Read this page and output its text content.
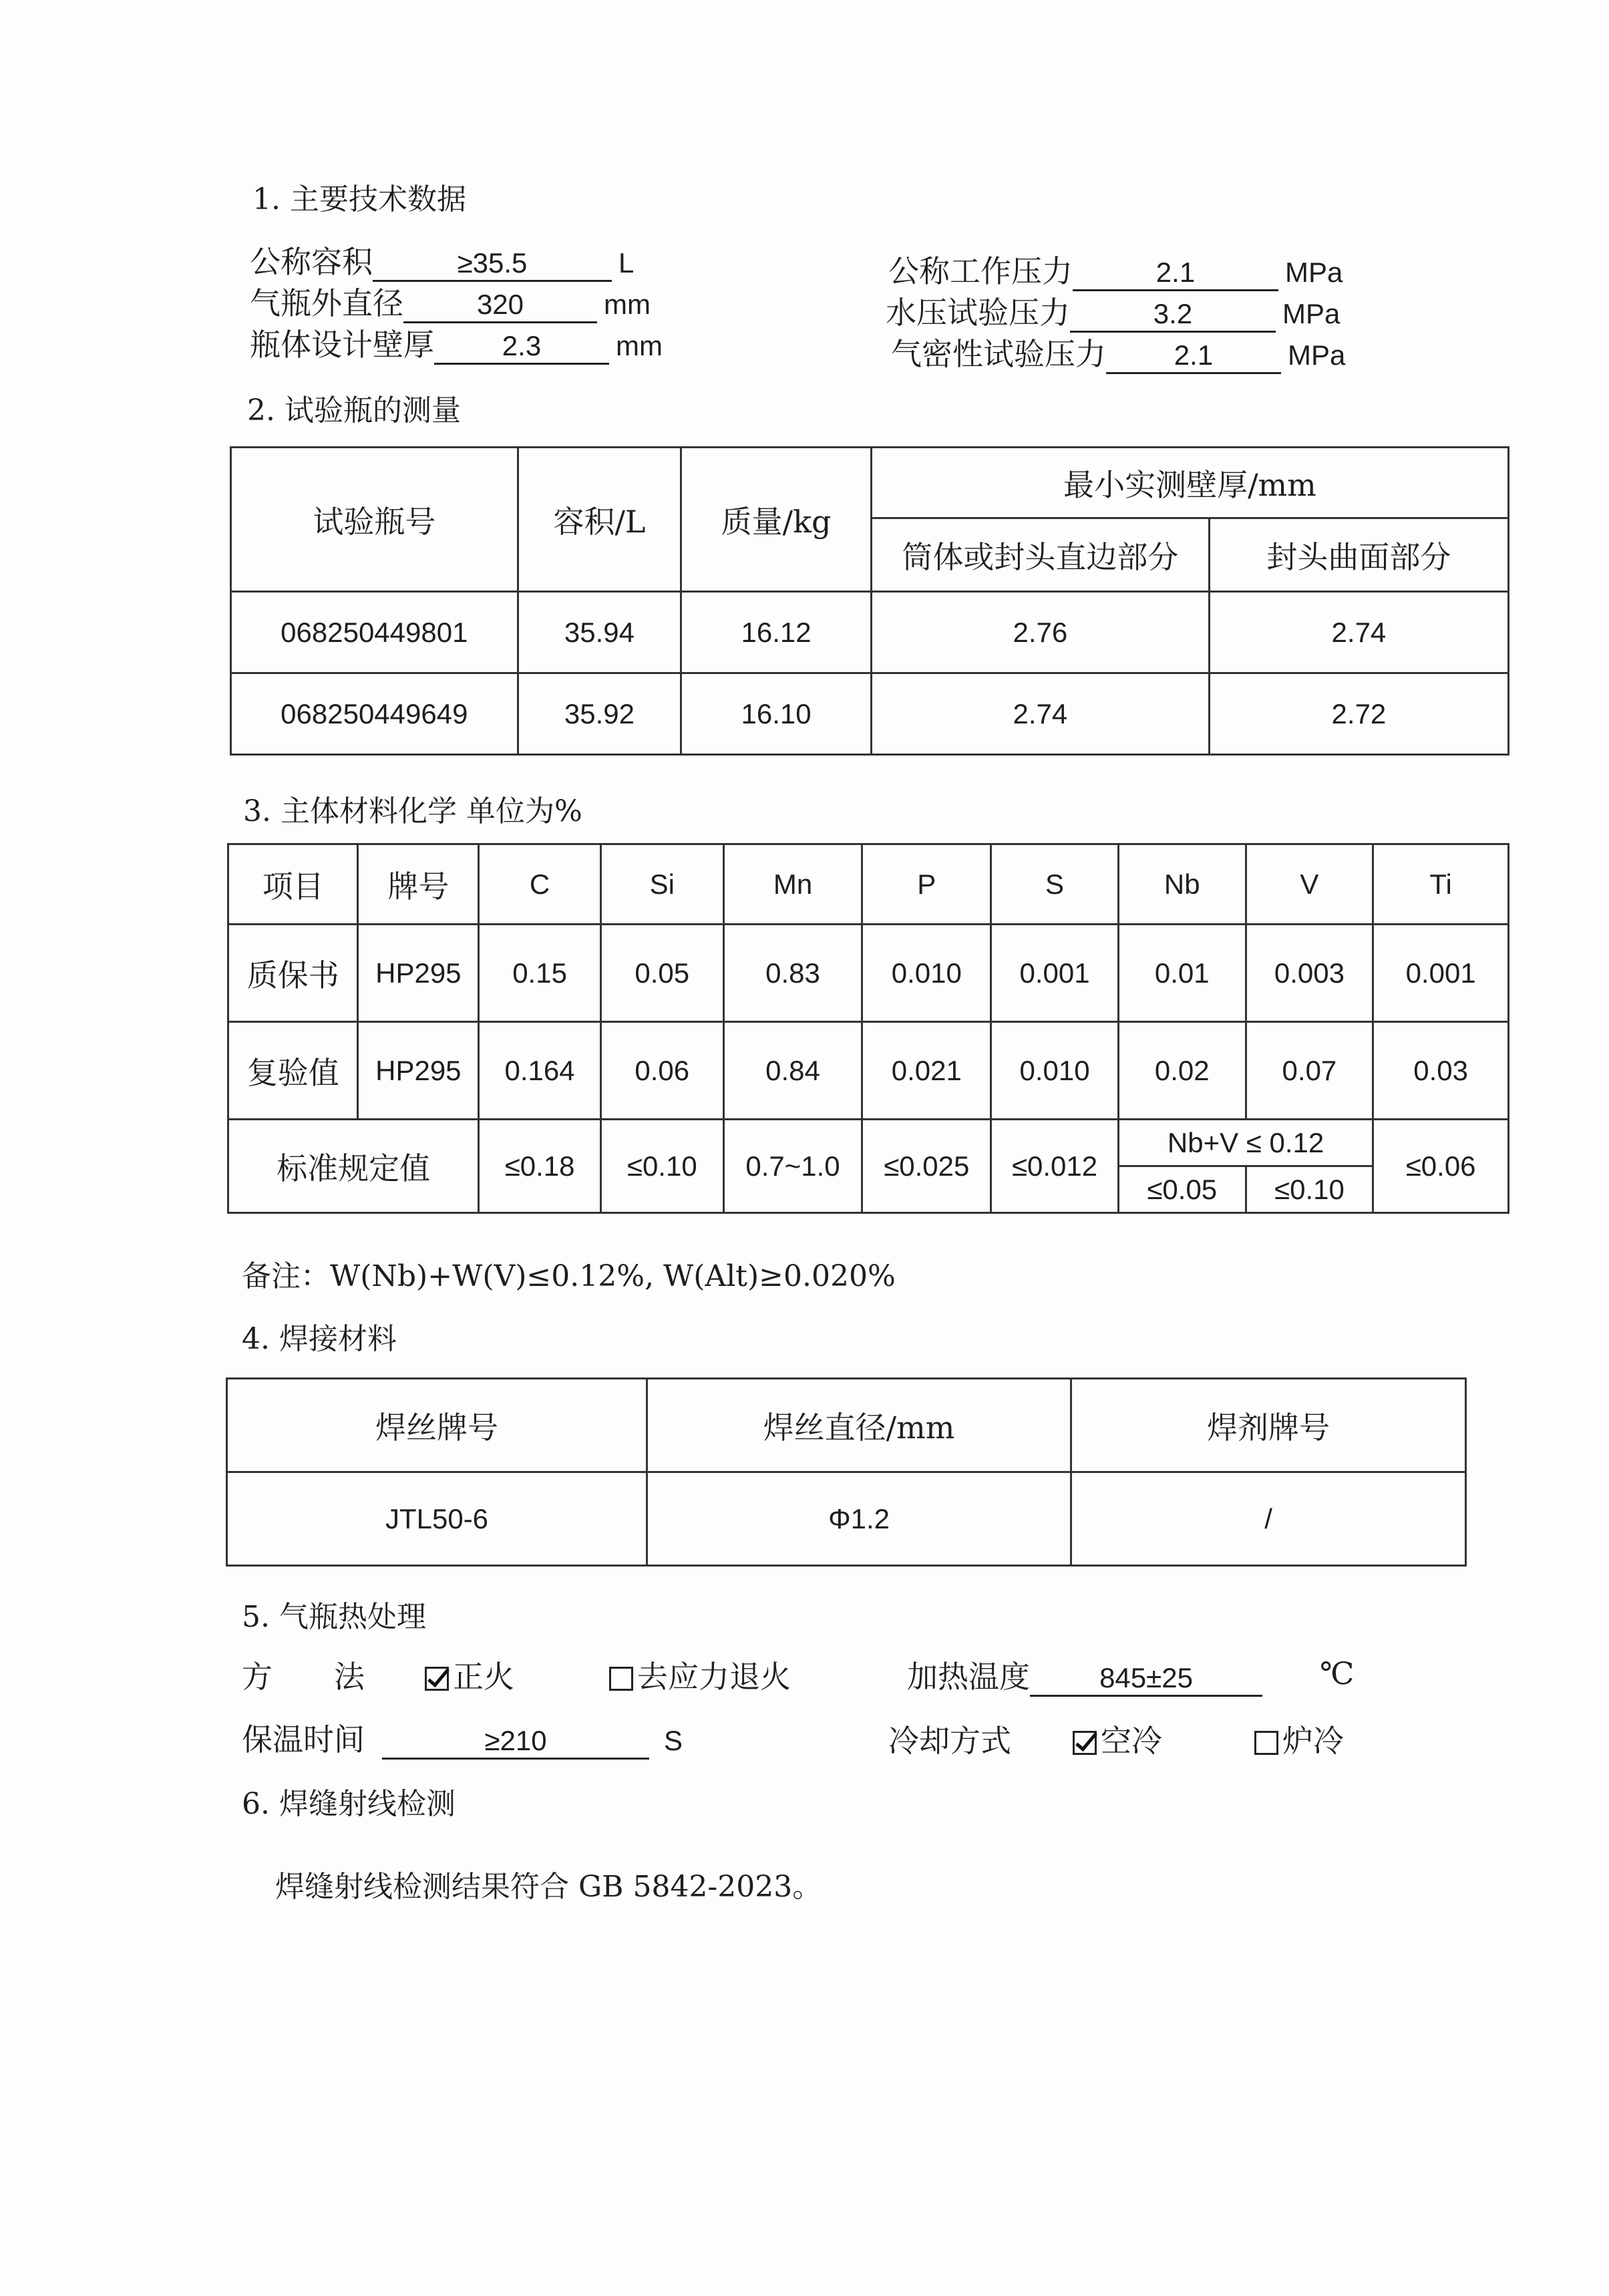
1. 主要技术数据
公称容积	≥35.5	L
气瓶外直径	320	mm
瓶体设计壁厚 2.3	mm
公称工作压力	2.1	MPa
水压试验压力	3.2	MPa
气密性试验压力 2.1	MPa
2. 试验瓶的测量
试验瓶号	容积/L	质量/kg	最小实测壁厚/mm	
			筒体或封头直边部分	封头曲面部分
068250449801	35.94	16.12	2.76	2.74
068250449649	35.92	16.10	2.74	2.72
3. 主体材料化学 单位为%
项目	牌号	C	Si	Mn	P	S	Nb	V	Ti
质保书	HP295	0.15	0.05	0.83	0.010	0.001	0.01	0.003	0.001
复验值	HP295	0.164	0.06	0.84	0.021	0.010	0.02	0.07	0.03
标准规定值		≤0.18	≤0.10	0.7~1.0	≤0.025	≤0.012	Nb+V ≤ 0.12		≤0.06
							≤0.05	≤0.10	
备注：W(Nb)+W(V)≤0.12%, W(Alt)≥0.020%
4. 焊接材料
焊丝牌号	焊丝直径/mm	焊剂牌号
JTL50-6	Φ1.2	/
5. 气瓶热处理
方　　法	正火	去应力退火	加热温度 845±25	℃
保温时间	≥210	S	冷却方式	空冷	炉冷
6. 焊缝射线检测
焊缝射线检测结果符合 GB 5842-2023。
